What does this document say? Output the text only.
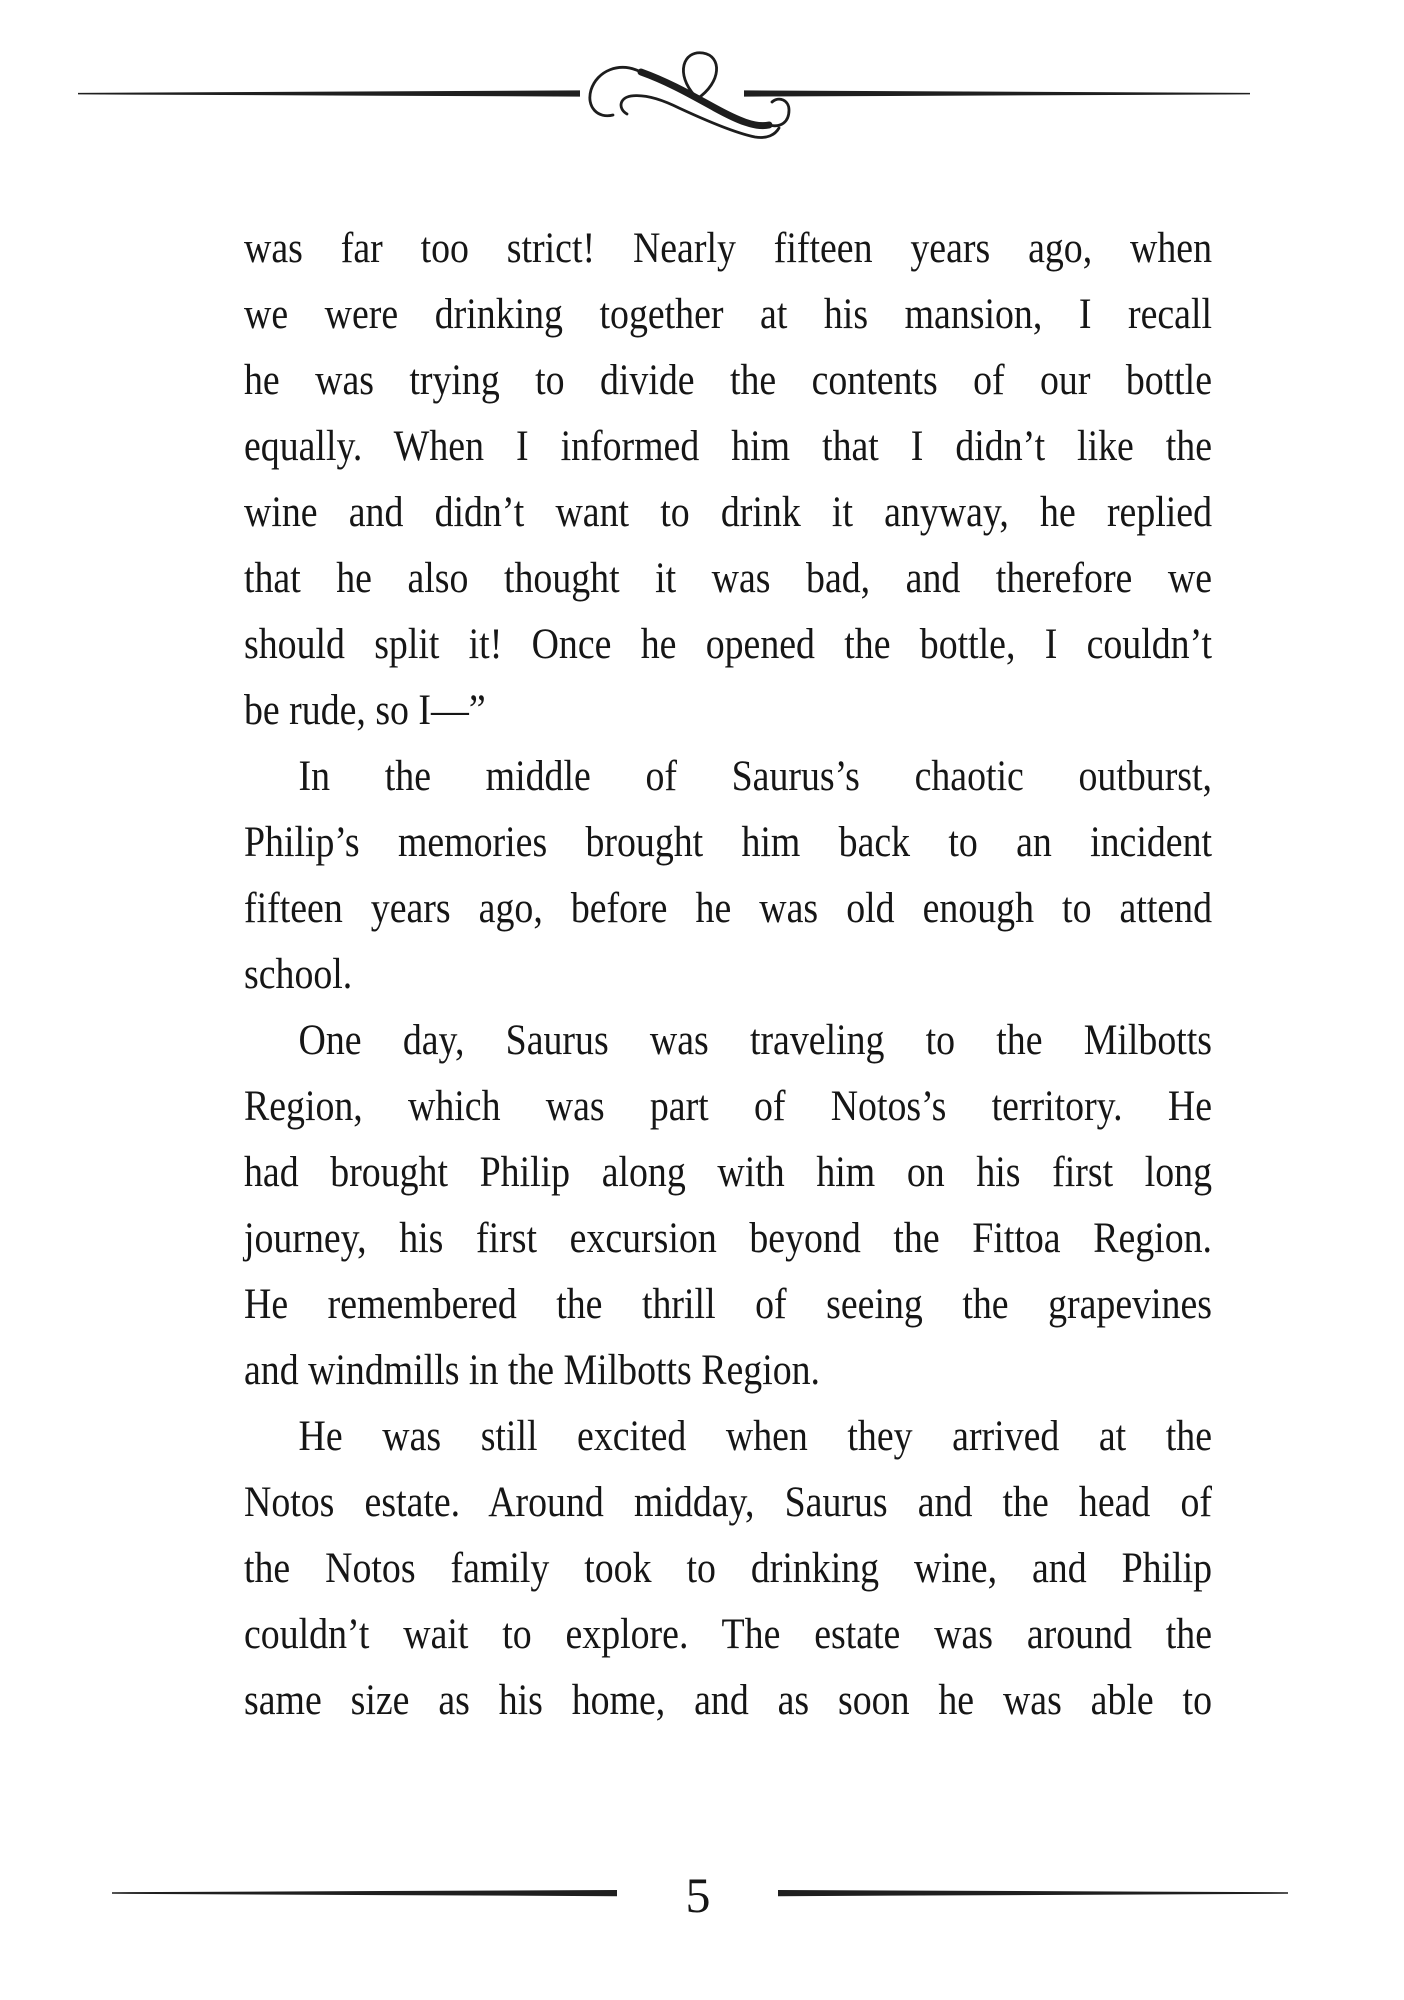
was far too strict! Nearly fifteen years ago, when
we were drinking together at his mansion, I recall
he was trying to divide the contents of our bottle
equally. When I informed him that I didn’t like the
wine and didn’t want to drink it anyway, he replied
that he also thought it was bad, and therefore we
should split it! Once he opened the bottle, I couldn’t
be rude, so I—”
In the middle of Saurus’s chaotic outburst,
Philip’s memories brought him back to an incident
fifteen years ago, before he was old enough to attend
school.
One day, Saurus was traveling to the Milbotts
Region, which was part of Notos’s territory. He
had brought Philip along with him on his first long
journey, his first excursion beyond the Fittoa Region.
He remembered the thrill of seeing the grapevines
and windmills in the Milbotts Region.
He was still excited when they arrived at the
Notos estate. Around midday, Saurus and the head of
the Notos family took to drinking wine, and Philip
couldn’t wait to explore. The estate was around the
same size as his home, and as soon he was able to
5
